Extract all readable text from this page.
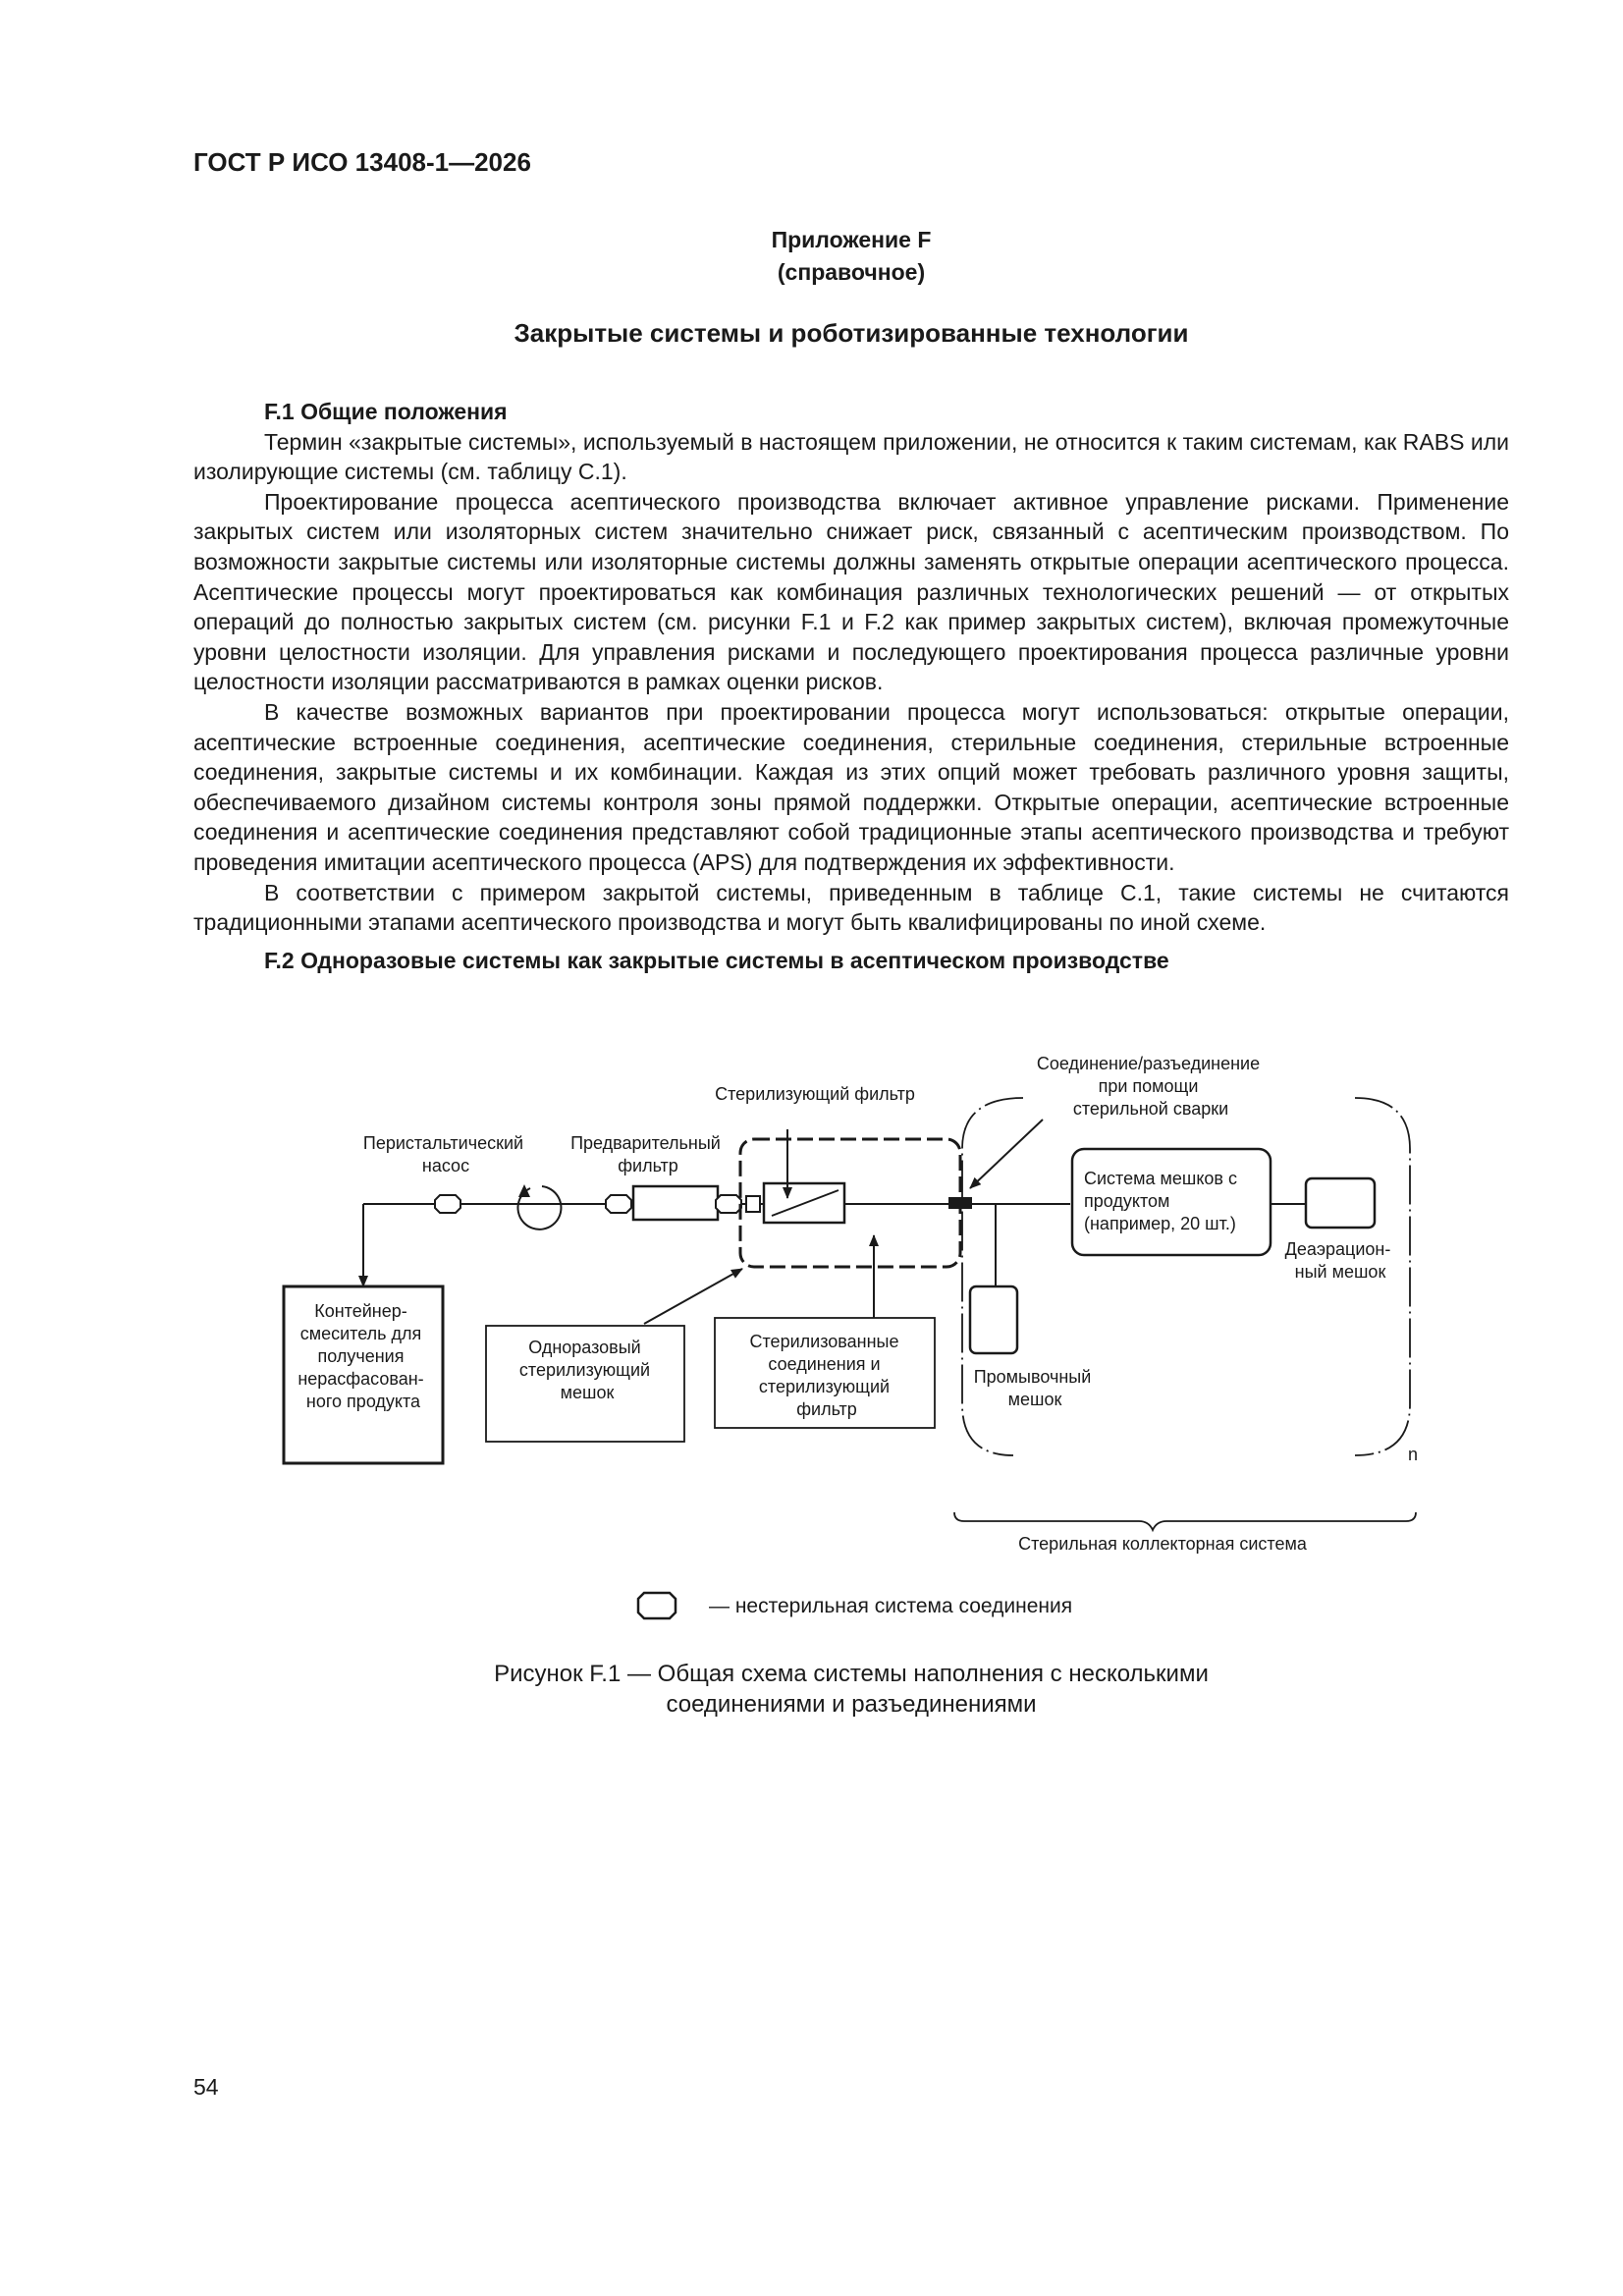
ГОСТ Р ИСО 13408-1—2026
Приложение F
(справочное)
Закрытые системы и роботизированные технологии
F.1 Общие положения

Термин «закрытые системы», используемый в настоящем приложении, не относится к таким системам, как RABS или изолирующие системы (см. таблицу С.1).

Проектирование процесса асептического производства включает активное управление рисками. Применение закрытых систем или изоляторных систем значительно снижает риск, связанный с асептическим производством. По возможности закрытые системы или изоляторные системы должны заменять открытые операции асептического процесса. Асептические процессы могут проектироваться как комбинация различных технологических решений — от открытых операций до полностью закрытых систем (см. рисунки F.1 и F.2 как пример закрытых систем), включая промежуточные уровни целостности изоляции. Для управления рисками и последующего проектирования процесса различные уровни целостности изоляции рассматриваются в рамках оценки рисков.

В качестве возможных вариантов при проектировании процесса могут использоваться: открытые операции, асептические встроенные соединения, асептические соединения, стерильные соединения, стерильные встроенные соединения, закрытые системы и их комбинации. Каждая из этих опций может требовать различного уровня защиты, обеспечиваемого дизайном системы контроля зоны прямой поддержки. Открытые операции, асептические встроенные соединения и асептические соединения представляют собой традиционные этапы асептического производства и требуют проведения имитации асептического процесса (APS) для подтверждения их эффективности.

В соответствии с примером закрытой системы, приведенным в таблице С.1, такие системы не считаются традиционными этапами асептического производства и могут быть квалифицированы по иной схеме.

F.2 Одноразовые системы как закрытые системы в асептическом производстве
Перистальтический насос
Предварительный фильтр
Стерилизующий фильтр
Соединение/разъединение при помощи стерильной сварки
Деаэрацион- ный мешок
Контейнер- смеситель для получения нерасфасован- ного продукта
Одноразовый стерилизующий мешок
Стерилизованные соединения и стерилизующий фильтр
Промывочный мешок
Стерильная коллекторная система
Система мешков с продуктом (например, 20 шт.)
n
— нестерильная система соединения
Рисунок F.1 — Общая схема системы наполнения с несколькими
соединениями и разъединениями
54
